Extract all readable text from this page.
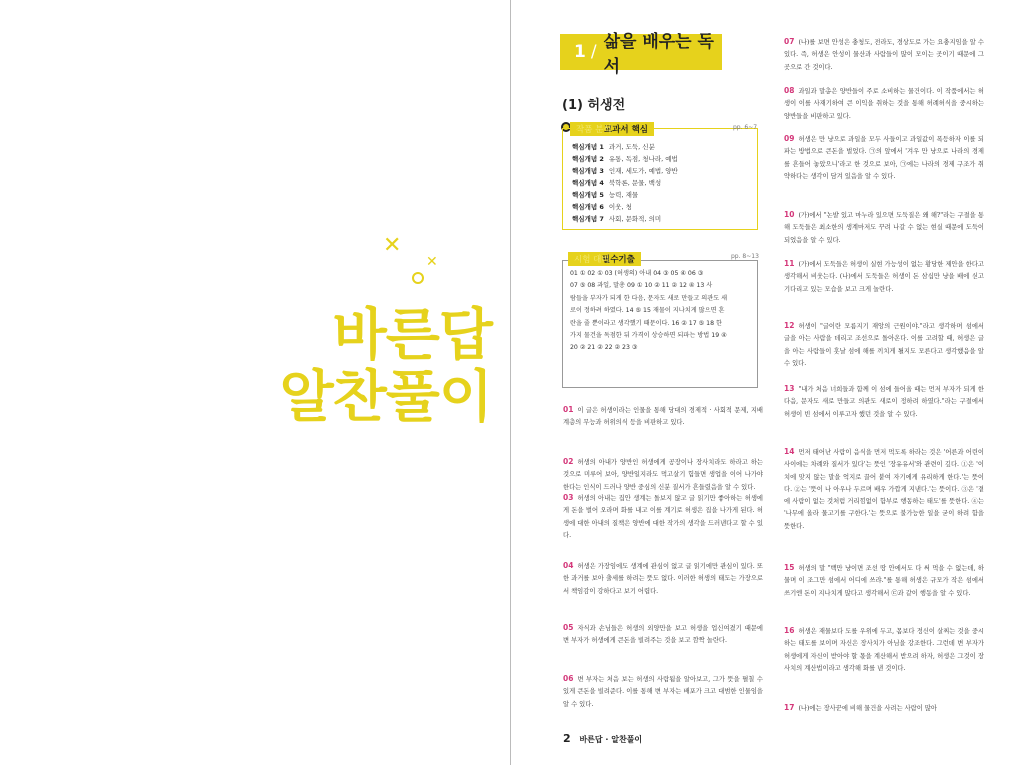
✕
✕
바른답
알찬풀이
1 / 삶을 배우는 독서
(1) 허생전
작품 분석
교과서 핵심	pp. 6~7
핵심개념 1 과거, 도둑, 신분
핵심개념 2 유통, 독점, 청나라, 예법
핵심개념 3 인재, 세도가, 예법, 양반
핵심개념 4 북학론, 문물, 백성
핵심개념 5 능력, 재물
핵심개념 6 이웃, 청
핵심개념 7 사회, 문화적, 의미
시험 대비
필수기출	pp. 8~13

01 ① 02 ① 03 (허생의) 아내 04 ③ 05 ④ 06 ③

07 ⑤ 08 과일, 말총 09 ① 10 ② 11 ② 12 ④ 13 사

람들을 부자가 되게 한 다음, 문자도 새로 만들고 의관도 새

로이 정하려 하였다. 14 ⑤ 15 재물이 지나치게 많으면 혼

란을 줄 뿐이라고 생각했기 때문이다. 16 ② 17 ⑤ 18 한

가지 물건을 독점한 뒤 가격이 상승하면 되파는 방법 19 ④

20 ② 21 ② 22 ② 23 ③

01 이 글은 허생이라는 인물을 통해 당대의 경제적 · 사회적 문제, 지배 계층의 무능과 허위의식 등을 비판하고 있다.
02 허생의 아내가 양반인 허생에게 공장이나 장사치라도 하라고 하는 것으로 미루어 보아, 양반일지라도 먹고살기 힘들면 생업을 이어 나가야 한다는 인식이 드러나 양반 중심의 신분 질서가 흔들렸음을 알 수 있다.
03 허생의 아내는 집안 생계는 돌보지 않고 글 읽기만 좋아하는 허생에게 돈을 벌어 오라며 화를 내고 이를 계기로 허생은 집을 나가게 된다. 허생에 대한 아내의 질책은 양반에 대한 작가의 생각을 드러낸다고 할 수 있다.
04 허생은 가장임에도 생계에 관심이 없고 글 읽기에만 관심이 있다. 또한 과거를 보아 출세를 하려는 뜻도 없다. 이러한 허생의 태도는 가장으로서 책임감이 강하다고 보기 어렵다.
05 자식과 손님들은 허생의 외양만을 보고 허생을 업신여겼기 때문에 변 부자가 허생에게 큰돈을 빌려주는 것을 보고 깜짝 놀란다.
06 변 부자는 처음 보는 허생의 사람됨을 알아보고, 그가 뜻을 펼칠 수 있게 큰돈을 빌려준다. 이를 통해 변 부자는 배포가 크고 대범한 인물임을 알 수 있다.
07 (나)를 보면 안성은 충청도, 전라도, 경상도로 가는 요충지임을 알 수 있다. 즉, 허생은 안성이 물산과 사람들이 많이 모이는 곳이기 때문에 그곳으로 간 것이다.
08 과일과 말총은 양반들이 주로 소비하는 물건이다. 이 작품에서는 허생이 이를 사재기하여 큰 이익을 취하는 것을 통해 허례허식을 중시하는 양반들을 비판하고 있다.
09 허생은 만 냥으로 과일을 모두 사들이고 과일값이 폭등하자 이를 되파는 방법으로 큰돈을 벌었다. ㉠의 앞에서 '겨우 만 냥으로 나라의 경제를 흔들어 놓았으니'라고 한 것으로 보아, ㉠에는 나라의 경제 구조가 취약하다는 생각이 담겨 있음을 알 수 있다.
10 (가)에서 "논밭 있고 마누라 있으면 도둑질은 왜 해?"라는 구절을 통해 도둑들은 최소한의 생계마저도 꾸려 나갈 수 없는 현실 때문에 도둑이 되었음을 알 수 있다.
11 (가)에서 도둑들은 허생이 실현 가능성이 없는 황당한 제안을 한다고 생각해서 비웃는다. (나)에서 도둑들은 허생이 돈 삼십만 냥을 배에 싣고 기다리고 있는 모습을 보고 크게 놀란다.
12 허생이 "글이란 모름지기 재앙의 근원이야."라고 생각하며 섬에서 글을 아는 사람을 데리고 조선으로 돌아온다. 이를 고려할 때, 허생은 글을 아는 사람들이 훗날 섬에 해를 끼치게 될지도 모른다고 생각했음을 알 수 있다.
13 "내가 처음 너희들과 함께 이 섬에 들어올 때는 먼저 부자가 되게 한 다음, 문자도 새로 만들고 의관도 새로이 정하려 하였다."라는 구절에서 허생이 빈 섬에서 이루고자 했던 것을 알 수 있다.
14 먼저 태어난 사람이 음식을 먼저 먹도록 하라는 것은 '어른과 어린이 사이에는 차례와 질서가 있다'는 뜻인 '장유유서'와 관련이 깊다. ①은 '이치에 맞지 않는 말을 억지로 끌어 붙여 자기에게 유리하게 한다.'는 뜻이다. ②는 '뜻이 나 아우나 두르며 배우 가깝게 지낸다.'는 뜻이다. ③은 '곁에 사람이 없는 것처럼 거리낌없이 함부로 행동하는 태도'를 뜻한다. ④는 '나무에 올라 물고기를 구한다.'는 뜻으로 불가능한 일을 굳이 하려 함을 뜻한다.
15 허생의 말 "백만 냥이면 조선 땅 안에서도 다 써 먹을 수 없는데, 하물며 이 조그만 섬에서 어디에 쓰랴."를 통해 허생은 규모가 작은 섬에서 쓰기엔 돈이 지나치게 많다고 생각해서 ㉢과 같이 행동을 알 수 있다.
16 허생은 재물보다 도를 우위에 두고, 몸보다 정신이 살찌는 것을 중시하는 태도를 보이며 자신은 장사치가 아님을 강조한다. 그런데 변 부자가 허생에게 자신이 받아야 할 몫을 계산해서 받으려 하자, 허생은 그것이 장사치의 계산법이라고 생각해 화를 낸 것이다.
17 (나)에는 장사꾼에 비해 물건을 사려는 사람이 많아
2 바른답 · 알찬풀이
